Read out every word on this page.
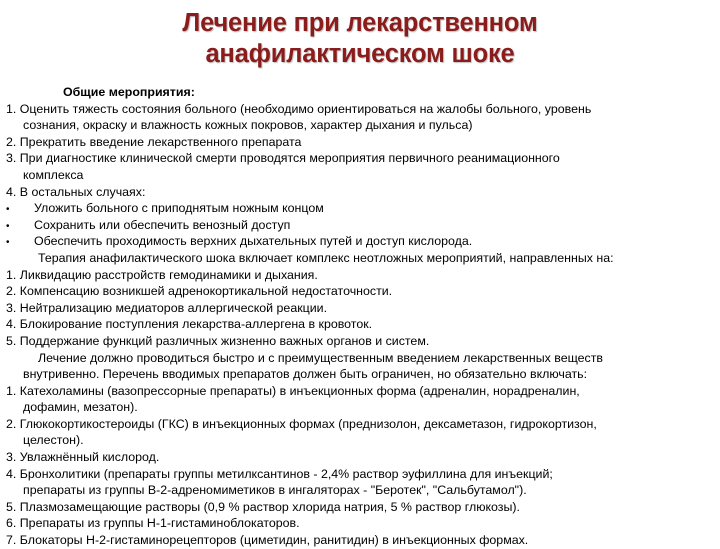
Лечение при лекарственном
анафилактическом шоке
Общие мероприятия:
1. Оценить тяжесть состояния больного (необходимо ориентироваться на жалобы больного, уровень
сознания, окраску и влажность кожных покровов, характер дыхания и пульса)
2. Прекратить введение лекарственного препарата
3. При диагностике клинической смерти проводятся мероприятия первичного реанимационного
комплекса
4. В остальных случаях:
• Уложить больного с приподнятым ножным концом
• Сохранить или обеспечить венозный доступ
• Обеспечить проходимость верхних дыхательных путей и доступ кислорода.
Терапия анафилактического шока включает комплекс неотложных мероприятий, направленных на:
1. Ликвидацию расстройств гемодинамики и дыхания.
2. Компенсацию возникшей адренокортикальной недостаточности.
3. Нейтрализацию медиаторов аллергической реакции.
4. Блокирование поступления лекарства-аллергена в кровоток.
5. Поддержание функций различных жизненно важных органов и систем.
Лечение должно проводиться быстро и с преимущественным введением лекарственных веществ
внутривенно. Перечень вводимых препаратов должен быть ограничен, но обязательно включать:
1. Катехоламины (вазопрессорные препараты) в инъекционных форма (адреналин, норадреналин,
дофамин, мезатон).
2. Глюкокортикостероиды (ГКС) в инъекционных формах (преднизолон, дексаметазон, гидрокортизон,
целестон).
3. Увлажнённый кислород.
4. Бронхолитики (препараты группы метилксантинов - 2,4% раствор эуфиллина для инъекций;
препараты из группы В-2-адреномиметиков в ингаляторах - "Беротек", "Сальбутамол").
5. Плазмозамещающие растворы (0,9 % раствор хлорида натрия, 5 % раствор глюкозы).
6. Препараты из группы Н-1-гистаминоблокаторов.
7. Блокаторы Н-2-гистаминорецепторов (циметидин, ранитидин) в инъекционных формах.
